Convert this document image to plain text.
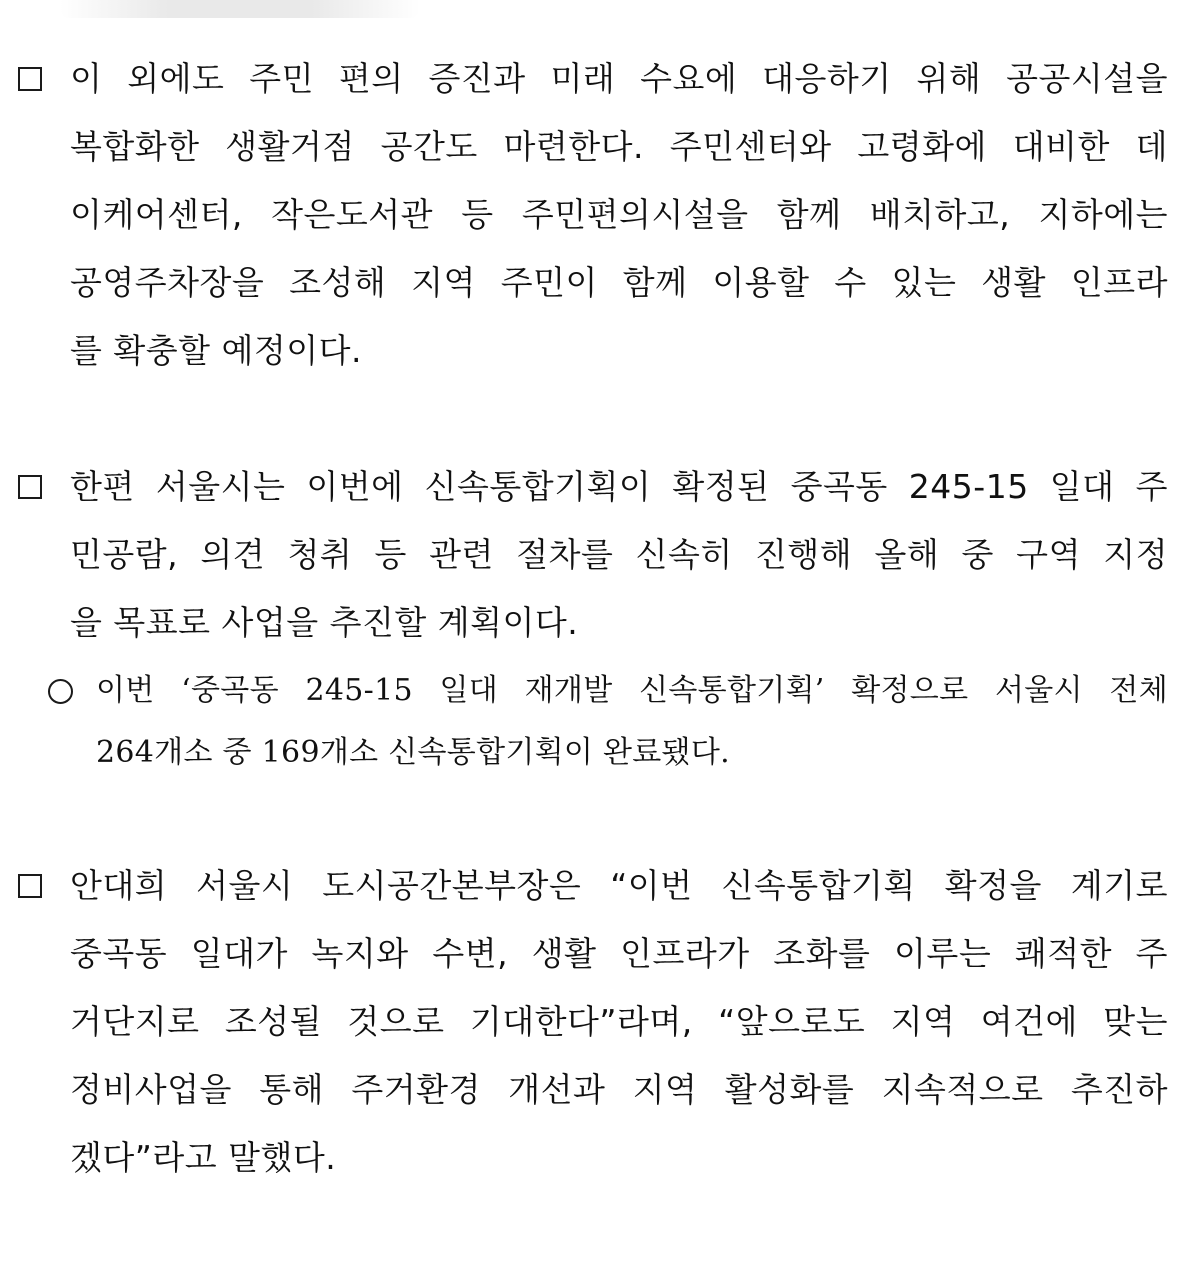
이 외에도 주민 편의 증진과 미래 수요에 대응하기 위해 공공시설을
복합화한 생활거점 공간도 마련한다. 주민센터와 고령화에 대비한 데
이케어센터, 작은도서관 등 주민편의시설을 함께 배치하고, 지하에는
공영주차장을 조성해 지역 주민이 함께 이용할 수 있는 생활 인프라
를 확충할 예정이다.
한편 서울시는 이번에 신속통합기획이 확정된 중곡동 245-15 일대 주
민공람, 의견 청취 등 관련 절차를 신속히 진행해 올해 중 구역 지정
을 목표로 사업을 추진할 계획이다.
이번 ‘중곡동 245-15 일대 재개발 신속통합기획’ 확정으로 서울시 전체
264개소 중 169개소 신속통합기획이 완료됐다.
안대희 서울시 도시공간본부장은 “이번 신속통합기획 확정을 계기로
중곡동 일대가 녹지와 수변, 생활 인프라가 조화를 이루는 쾌적한 주
거단지로 조성될 것으로 기대한다”라며, “앞으로도 지역 여건에 맞는
정비사업을 통해 주거환경 개선과 지역 활성화를 지속적으로 추진하
겠다”라고 말했다.
